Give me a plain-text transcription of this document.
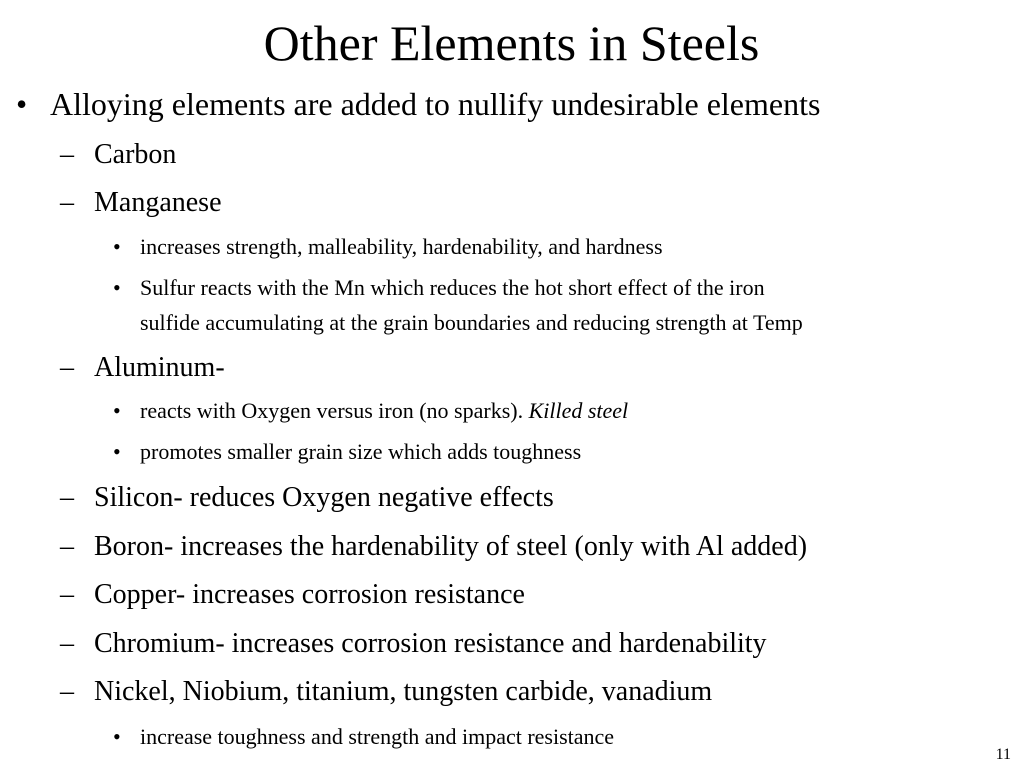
Other Elements in Steels
• Alloying elements are added to nullify undesirable elements
– Carbon
– Manganese
• increases strength, malleability, hardenability, and hardness
• Sulfur reacts with the Mn which reduces the hot short effect of the iron
sulfide accumulating at the grain boundaries and reducing strength at Temp
– Aluminum-
• reacts with Oxygen versus iron (no sparks). Killed steel
• promotes smaller grain size which adds toughness
– Silicon- reduces Oxygen negative effects
– Boron- increases the hardenability of steel (only with Al added)
– Copper- increases corrosion resistance
– Chromium- increases corrosion resistance and hardenability
– Nickel, Niobium, titanium, tungsten carbide, vanadium
• increase toughness and strength and impact resistance
11
